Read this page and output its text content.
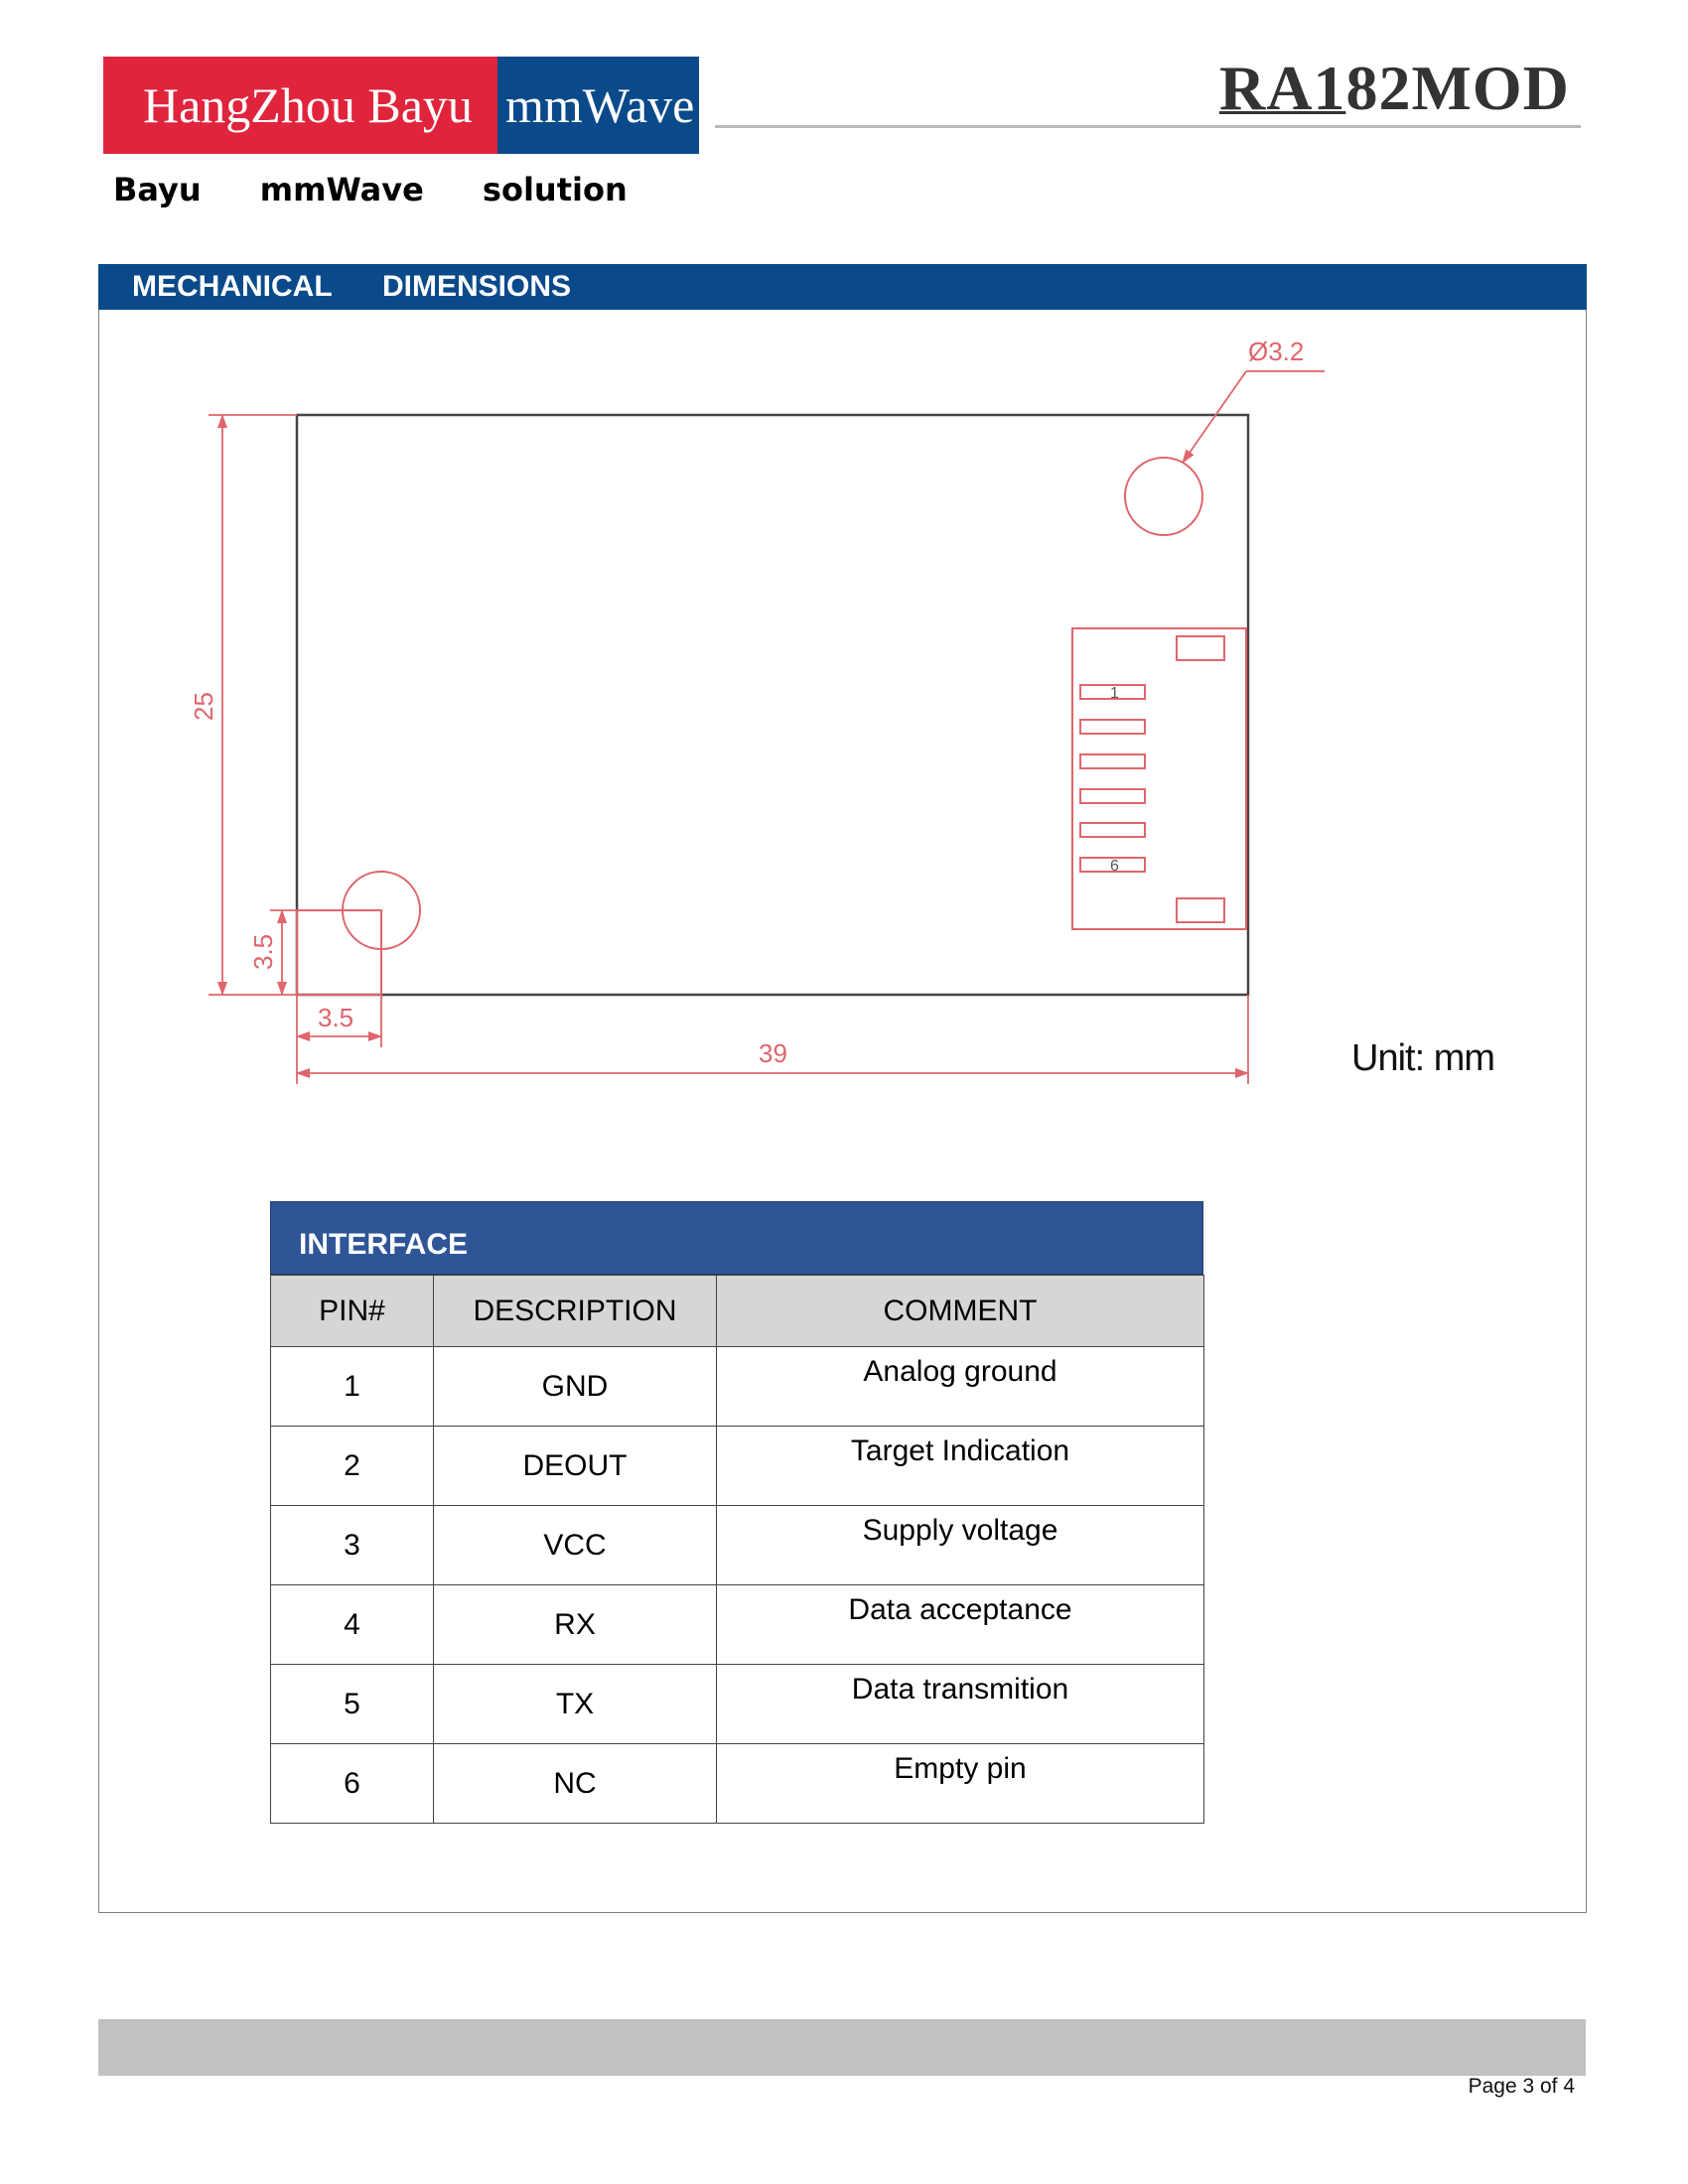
HangZhou Bayu mmWave	RA182MOD
Bayu mmWave solution
MECHANICAL DIMENSIONS
Ø3.2
1
6
25
3.5
3.5
39	Unit: mm
INTERFACE
PIN#	DESCRIPTION	COMMENT
1	GND	Analog ground
2	DEOUT	Target Indication
3	VCC	Supply voltage
4	RX	Data acceptance
5	TX	Data transmition
6	NC	Empty pin
Page 3 of 4
